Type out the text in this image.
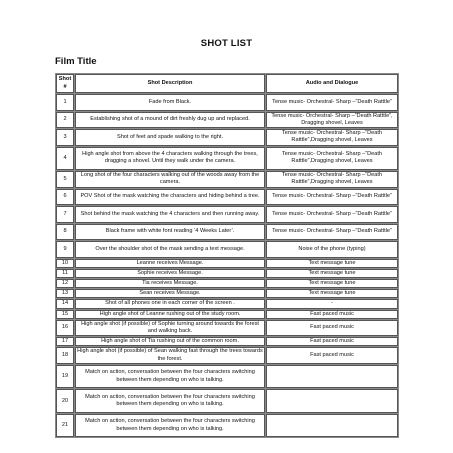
SHOT LIST
Film Title
Shot #	Shot Description	Audio and Dialogue
1	Fade from Black.	Tense music- Orchestral- Sharp –“Death Ratttle”
2	Establishing shot of a mound of dirt freshly dug up and replaced.	Tense music- Orchestral- Sharp –“Death Ratttle”, Dragging shovel, Leaves
3	Shot of feet and spade walking to the right.	Tense music- Orchestral- Sharp –“Death Ratttle”,Dragging shovel, Leaves
4	High angle shot from above the 4 characters walking through the trees, dragging a shovel. Until they walk under the camera.	Tense music- Orchestral- Sharp –“Death Ratttle”,Dragging shovel, Leaves
5	Long shot of the four characters walking out of the woods away from the camera.	Tense music- Orchestral- Sharp –“Death Ratttle”,Dragging shovel, Leaves
6	POV Shot of the mask watching the characters and hiding behind a tree.	Tense music- Orchestral- Sharp –“Death Ratttle”
7	Shot behind the mask watching the 4 characters and then running away.	Tense music- Orchestral- Sharp –“Death Ratttle”
8	Black frame with white font reading ‘4 Weeks Later’.	Tense music- Orchestral- Sharp –“Death Ratttle”
9	Over the shoulder shot of the mask sending a text message.	Noise of the phone (typing)
10	Leanne receives Message.	Text message tune
11	Sophie receives Message.	Text message tune
12	Tia receives Message.	Text message tune
13	Sean receives Message.	Text message tune
14	Shot of all phones one in each corner of the screen .	-
15	High angle shot of Leanne rushing out of the study room.	Fast paced music
16	High angle shot (if possible) of Sophie turning around towards the forest and walking back.	Fast paced music
17	High angle shot of Tia rushing out of the common room.	Fast paced music
18	High angle shot (if possible) of Sean walking fast through the trees towards the forest.	Fast paced music
19	Match on action, conversation between the four characters switching between them depending on who is talking.	
20	Match on action, conversation between the four characters switching between them depending on who is talking.	
21	Match on action, conversation between the four characters switching between them depending on who is talking.	
